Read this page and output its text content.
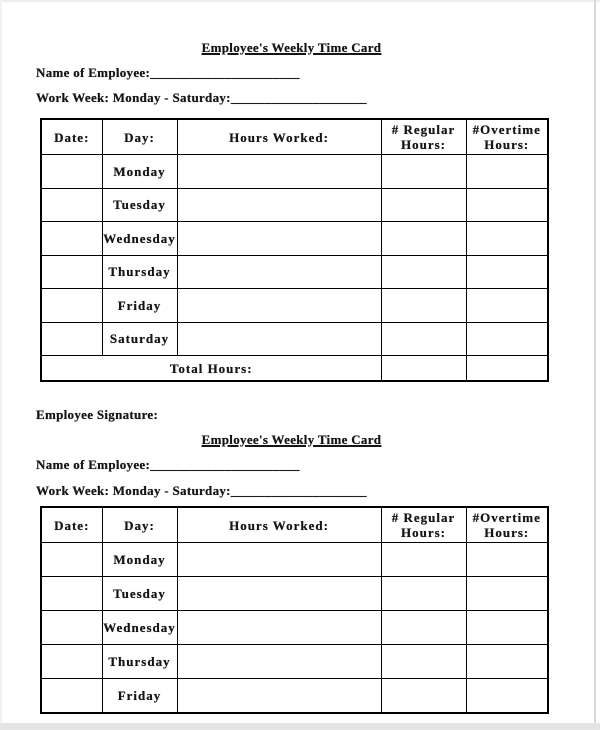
Employee's Weekly Time Card
Name of Employee:______________________
Work Week: Monday - Saturday:____________________
Date:	Day:	Hours Worked:	# Regular Hours:	#Overtime Hours:
	Monday			
	Tuesday			
	Wednesday			
	Thursday			
	Friday			
	Saturday			
Total Hours:				
Employee Signature:
Employee's Weekly Time Card
Name of Employee:______________________
Work Week: Monday - Saturday:____________________
Date:	Day:	Hours Worked:	# Regular Hours:	#Overtime Hours:
	Monday			
	Tuesday			
	Wednesday			
	Thursday			
	Friday			
